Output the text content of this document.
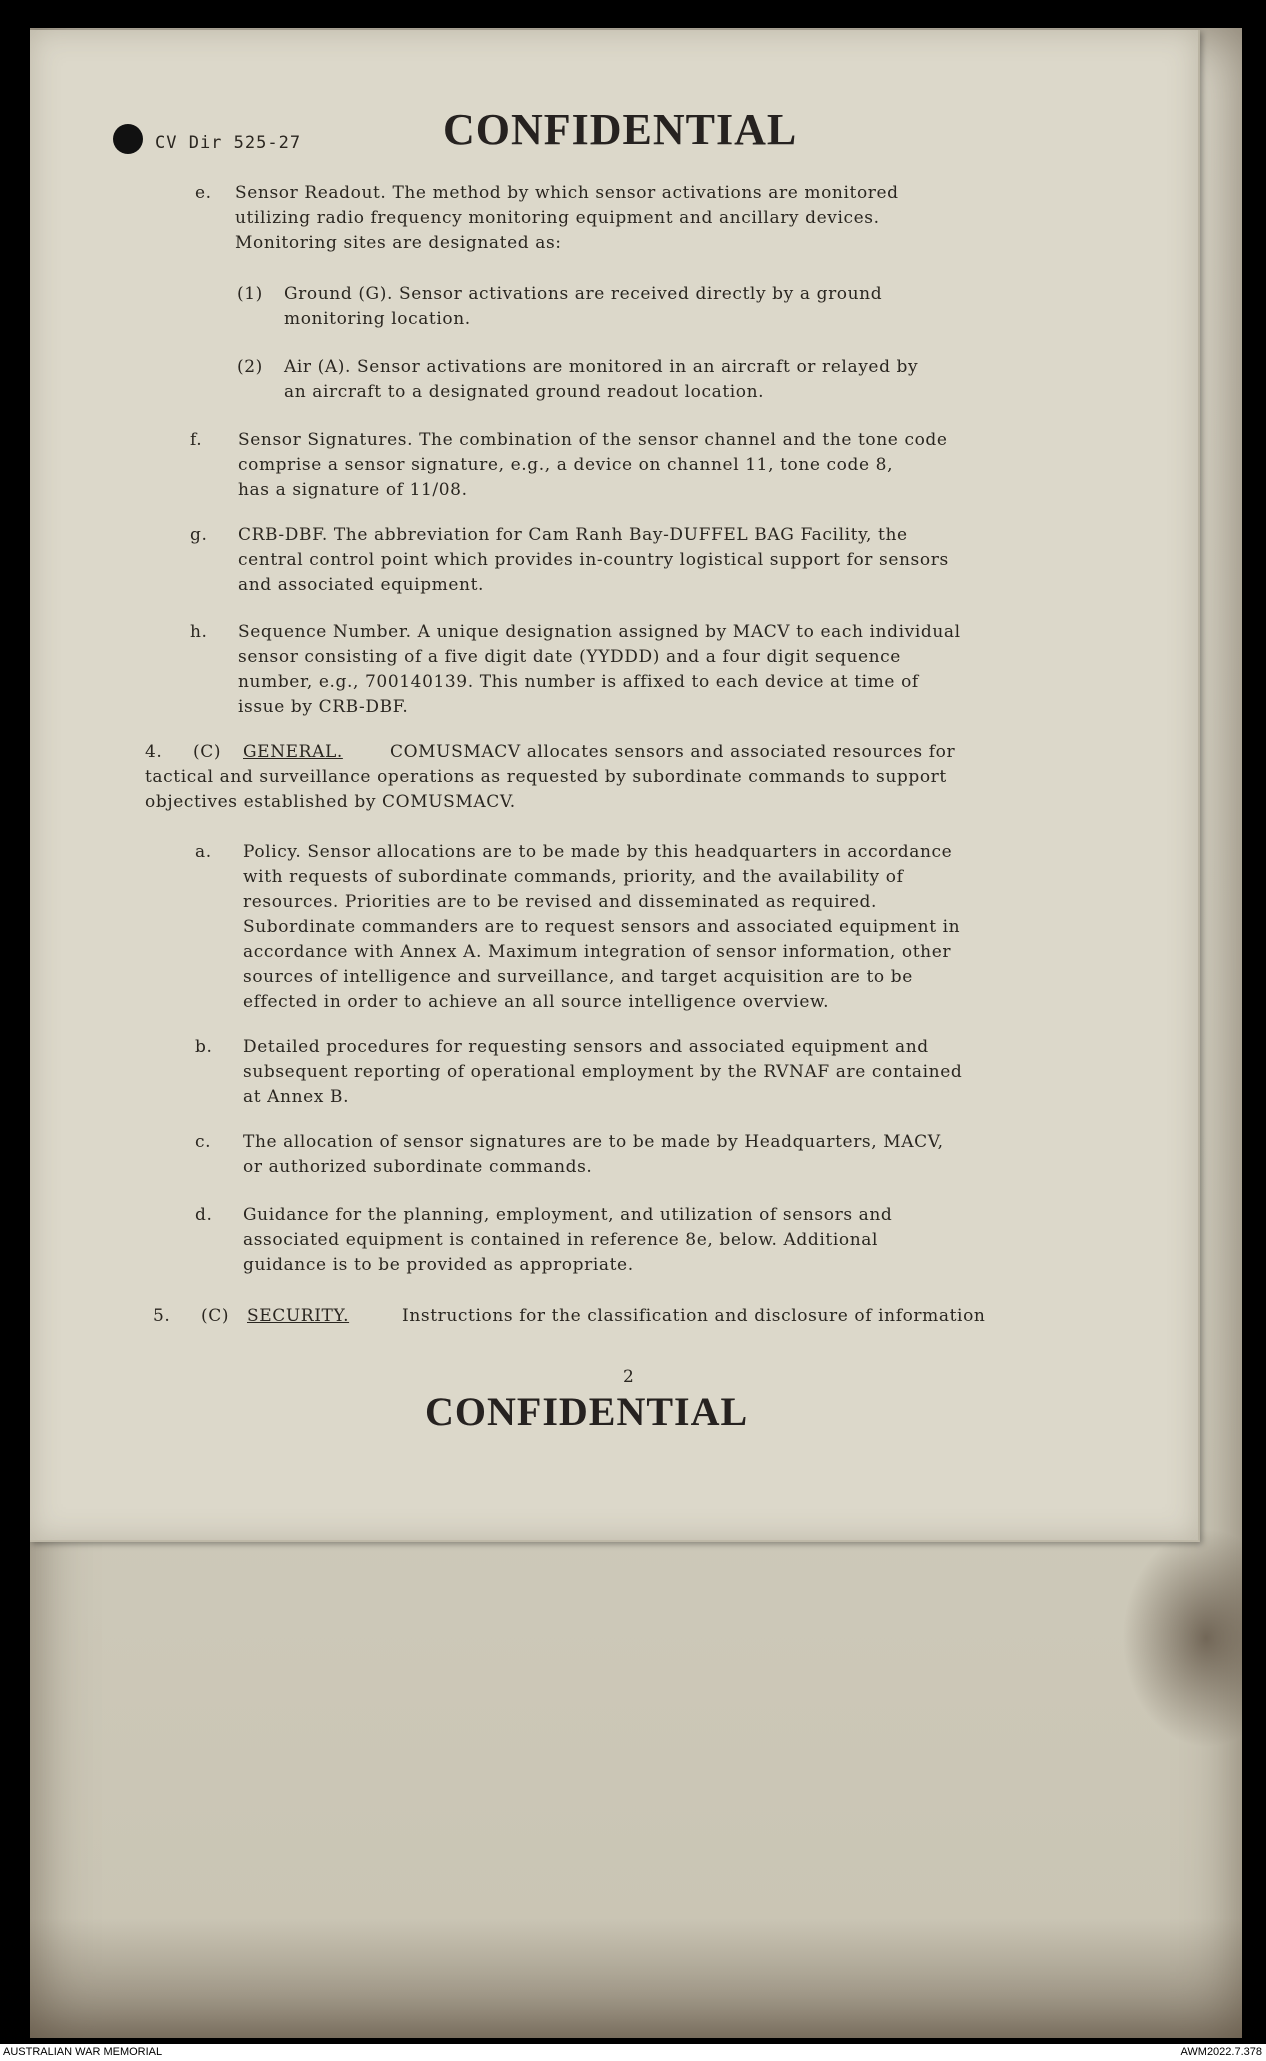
CV Dir 525-27	CONFIDENTIAL
e. Sensor Readout. The method by which sensor activations are monitored
utilizing radio frequency monitoring equipment and ancillary devices.
Monitoring sites are designated as:
(1) Ground (G). Sensor activations are received directly by a ground
monitoring location.
(2) Air (A). Sensor activations are monitored in an aircraft or relayed by
an aircraft to a designated ground readout location.
f. Sensor Signatures. The combination of the sensor channel and the tone code
comprise a sensor signature, e.g., a device on channel 11, tone code 8,
has a signature of 11/08.
g. CRB-DBF. The abbreviation for Cam Ranh Bay-DUFFEL BAG Facility, the
central control point which provides in-country logistical support for sensors
and associated equipment.
h. Sequence Number. A unique designation assigned by MACV to each individual
sensor consisting of a five digit date (YYDDD) and a four digit sequence
number, e.g., 700140139. This number is affixed to each device at time of
issue by CRB-DBF.
4. (C) GENERAL.	COMUSMACV allocates sensors and associated resources for
tactical and surveillance operations as requested by subordinate commands to support
objectives established by COMUSMACV.
a. Policy. Sensor allocations are to be made by this headquarters in accordance
with requests of subordinate commands, priority, and the availability of
resources. Priorities are to be revised and disseminated as required.
Subordinate commanders are to request sensors and associated equipment in
accordance with Annex A. Maximum integration of sensor information, other
sources of intelligence and surveillance, and target acquisition are to be
effected in order to achieve an all source intelligence overview.
b. Detailed procedures for requesting sensors and associated equipment and
subsequent reporting of operational employment by the RVNAF are contained
at Annex B.
c. The allocation of sensor signatures are to be made by Headquarters, MACV,
or authorized subordinate commands.
d. Guidance for the planning, employment, and utilization of sensors and
associated equipment is contained in reference 8e, below. Additional
guidance is to be provided as appropriate.
5. (C) SECURITY.	Instructions for the classification and disclosure of information
2
CONFIDENTIAL
AUSTRALIAN WAR MEMORIAL	AWM2022.7.378
